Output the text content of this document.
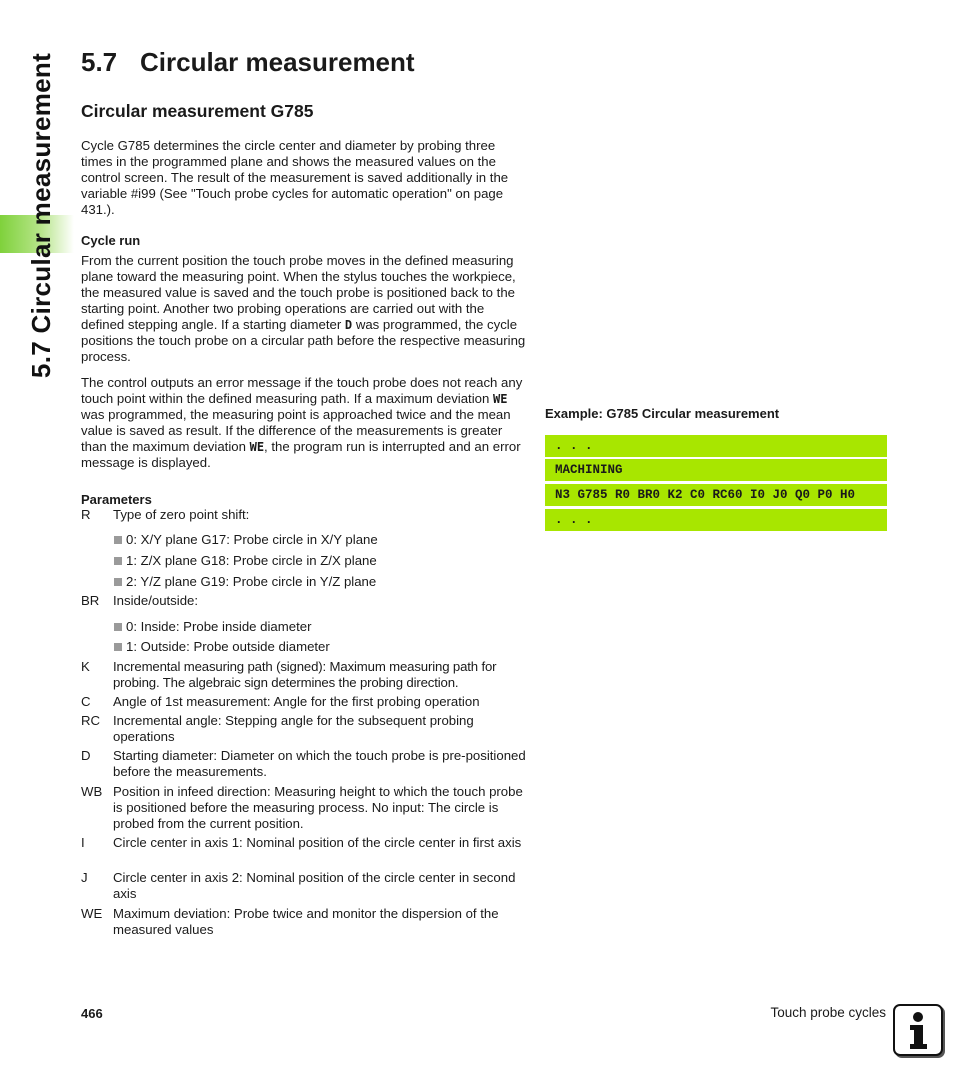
5.7 Circular measurement 5.7 Circular measurement
Circular measurement G785

Cycle G785 determines the circle center and diameter by probing three times in the programmed plane and shows the measured values on the control screen. The result of the measurement is saved additionally in the variable #i99 (See "Touch probe cycles for automatic operation" on page 431.).

Cycle run

From the current position the touch probe moves in the defined measuring plane toward the measuring point. When the stylus touches the workpiece, the measured value is saved and the touch probe is positioned back to the starting point. Another two probing operations are carried out with the defined stepping angle. If a starting diameter D was programmed, the cycle positions the touch probe on a circular path before the respective measuring process.

The control outputs an error message if the touch probe does not reach any touch point within the defined measuring path. If a maximum deviation WE was programmed, the measuring point is approached twice and the mean value is saved as result. If the difference of the measurements is greater than the maximum deviation WE, the program run is interrupted and an error message is displayed.

Parameters
R	Type of zero point shift:
0: X/Y plane G17: Probe circle in X/Y plane
1: Z/X plane G18: Probe circle in Z/X plane
2: Y/Z plane G19: Probe circle in Y/Z plane
BR	Inside/outside:
0: Inside: Probe inside diameter
1: Outside: Probe outside diameter
K	Incremental measuring path (signed): Maximum measuring path for probing. The algebraic sign determines the probing direction.
C	Angle of 1st measurement: Angle for the first probing operation
RC Incremental angle: Stepping angle for the subsequent probing operations
D	Starting diameter: Diameter on which the touch probe is pre-positioned before the measurements.
WB Position in infeed direction: Measuring height to which the touch probe is positioned before the measuring process. No input: The circle is probed from the current position.
I	Circle center in axis 1: Nominal position of the circle center in first axis
J	Circle center in axis 2: Nominal position of the circle center in second axis
WE Maximum deviation: Probe twice and monitor the dispersion of the measured values
Example: G785 Circular measurement
. . .
MACHINING
N3 G785 R0 BR0 K2 C0 RC60 I0 J0 Q0 P0 H0
. . .
466	Touch probe cycles
